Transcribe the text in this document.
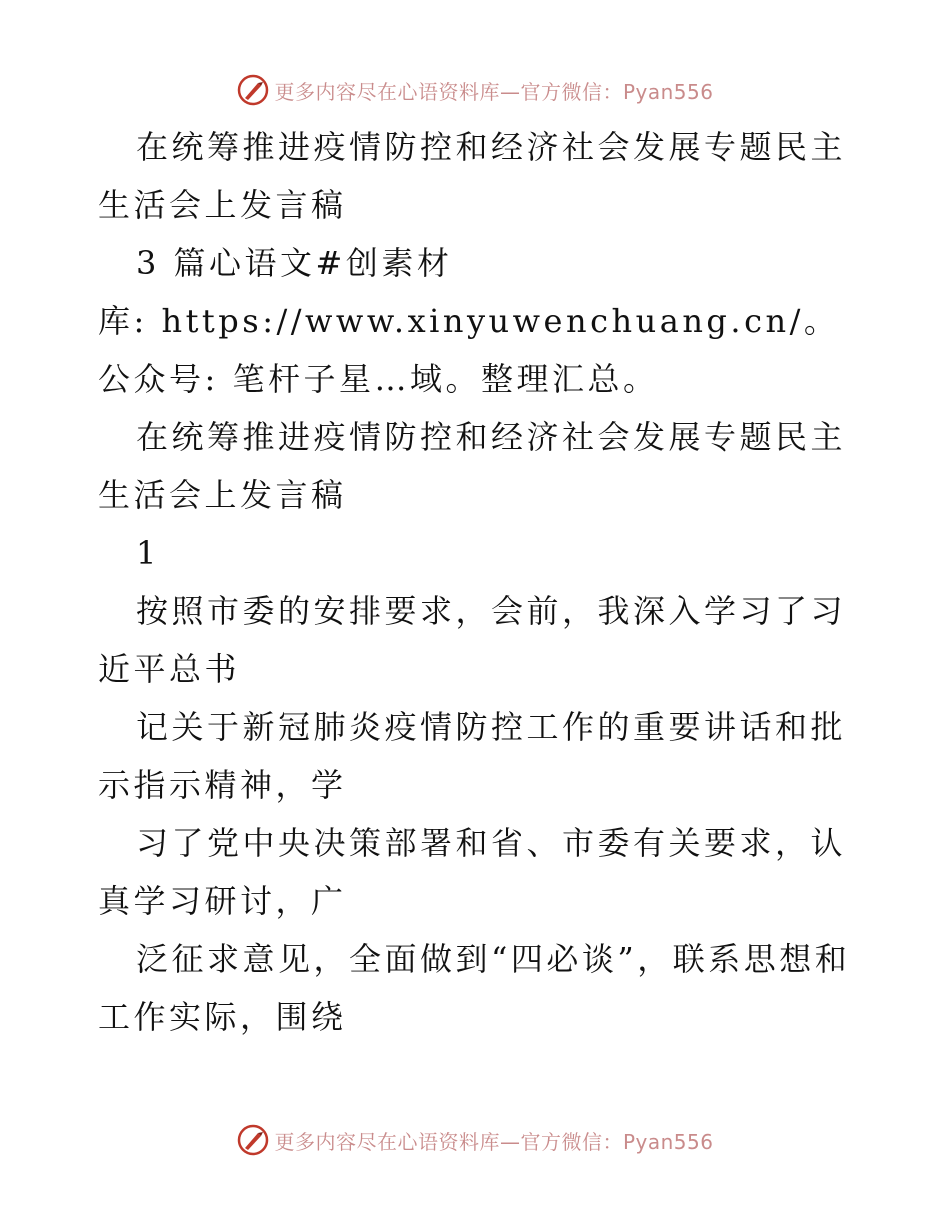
更多内容尽在心语资料库—官方微信：Pyan556

在统筹推进疫情防控和经济社会发展专题民主生活会上发言稿

3 篇心语文#创素材

库: https://www.xinyuwenchuang.cn/。公众号: 笔杆子星…域。整理汇总。

在统筹推进疫情防控和经济社会发展专题民主生活会上发言稿

1

按照市委的安排要求，会前，我深入学习了习近平总书

记关于新冠肺炎疫情防控工作的重要讲话和批示指示精神，学

习了党中央决策部署和省、市委有关要求，认真学习研讨，广

泛征求意见，全面做到“四必谈”，联系思想和工作实际，围绕

更多内容尽在心语资料库—官方微信：Pyan556
